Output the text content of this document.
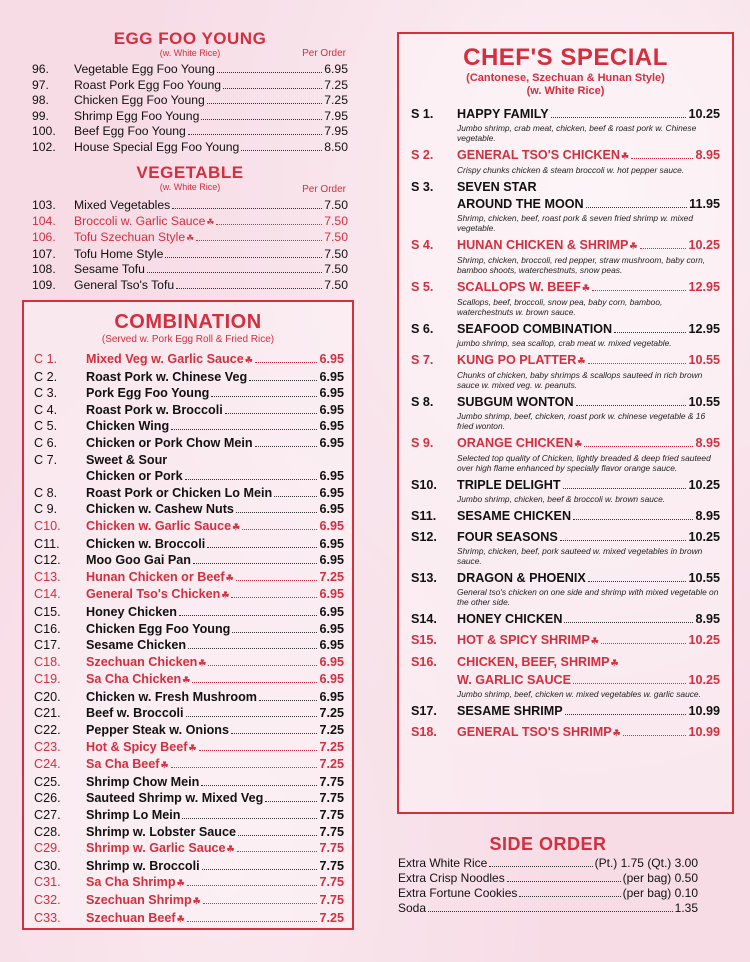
EGG FOO YOUNG
(w. White Rice)	Per Order
96.	Vegetable Egg Foo Young	6.95
97.	Roast Pork Egg Foo Young	7.25
98.	Chicken Egg Foo Young	7.25
99.	Shrimp Egg Foo Young	7.95
100.	Beef Egg Foo Young	7.95
102.	House Special Egg Foo Young	8.50
VEGETABLE
(w. White Rice)	Per Order
103.	Mixed Vegetables	7.50
104.	Broccoli w. Garlic Sauce ☘	7.50
106.	Tofu Szechuan Style ☘	7.50
107.	Tofu Home Style	7.50
108.	Sesame Tofu	7.50
109.	General Tso's Tofu	7.50
COMBINATION
(Served w. Pork Egg Roll & Fried Rice)
C 1.	Mixed Veg w. Garlic Sauce ☘	6.95
C 2.	Roast Pork w. Chinese Veg	6.95
C 3.	Pork Egg Foo Young	6.95
C 4.	Roast Pork w. Broccoli	6.95
C 5.	Chicken Wing	6.95
C 6.	Chicken or Pork Chow Mein	6.95
C 7.	Sweet & Sour
Chicken or Pork	6.95
C 8.	Roast Pork or Chicken Lo Mein	6.95
C 9.	Chicken w. Cashew Nuts	6.95
C10.	Chicken w. Garlic Sauce ☘	6.95
C11.	Chicken w. Broccoli	6.95
C12.	Moo Goo Gai Pan	6.95
C13.	Hunan Chicken or Beef ☘	7.25
C14.	General Tso's Chicken ☘	6.95
C15.	Honey Chicken	6.95
C16.	Chicken Egg Foo Young	6.95
C17.	Sesame Chicken	6.95
C18.	Szechuan Chicken ☘	6.95
C19.	Sa Cha Chicken ☘	6.95
C20.	Chicken w. Fresh Mushroom	6.95
C21.	Beef w. Broccoli	7.25
C22.	Pepper Steak w. Onions	7.25
C23.	Hot & Spicy Beef ☘	7.25
C24.	Sa Cha Beef ☘	7.25
C25.	Shrimp Chow Mein	7.75
C26.	Sauteed Shrimp w. Mixed Veg	7.75
C27.	Shrimp Lo Mein	7.75
C28.	Shrimp w. Lobster Sauce	7.75
C29.	Shrimp w. Garlic Sauce ☘	7.75
C30.	Shrimp w. Broccoli	7.75
C31.	Sa Cha Shrimp ☘	7.75
C32.	Szechuan Shrimp ☘	7.75
C33.	Szechuan Beef ☘	7.25
CHEF'S SPECIAL
(Cantonese, Szechuan & Hunan Style)
(w. White Rice)
S 1.	HAPPY FAMILY	10.25
Jumbo shrimp, crab meat, chicken, beef & roast pork w. Chinese vegetable.
S 2.	GENERAL TSO'S CHICKEN ☘	8.95
Crispy chunks chicken & steam broccoli w. hot pepper sauce.
S 3.	SEVEN STAR
AROUND THE MOON	11.95
Shrimp, chicken, beef, roast pork & seven fried shrimp w. mixed vegetable.
S 4.	HUNAN CHICKEN & SHRIMP ☘	10.25
Shrimp, chicken, broccoli, red pepper, straw mushroom, baby corn, bamboo shoots, waterchestnuts, snow peas.
S 5.	SCALLOPS W. BEEF ☘	12.95
Scallops, beef, broccoli, snow pea, baby corn, bamboo, waterchestnuts w. brown sauce.
S 6.	SEAFOOD COMBINATION	12.95
jumbo shrimp, sea scallop, crab meat w. mixed vegetable.
S 7.	KUNG PO PLATTER ☘	10.55
Chunks of chicken, baby shrimps & scallops sauteed in rich brown sauce w. mixed veg. w. peanuts.
S 8.	SUBGUM WONTON	10.55
Jumbo shrimp, beef, chicken, roast pork w. chinese vegetable & 16 fried wonton.
S 9.	ORANGE CHICKEN ☘	8.95
Selected top quality of Chicken, lightly breaded & deep fried sauteed over high flame enhanced by specially flavor orange sauce.
S10.	TRIPLE DELIGHT	10.25
Jumbo shrimp, chicken, beef & broccoli w. brown sauce.
S11.	SESAME CHICKEN	8.95
S12.	FOUR SEASONS	10.25
Shrimp, chicken, beef, pork sauteed w. mixed vegetables in brown sauce.
S13.	DRAGON & PHOENIX	10.55
General tso's chicken on one side and shrimp with mixed vegetable on the other side.
S14.	HONEY CHICKEN	8.95
S15.	HOT & SPICY SHRIMP ☘	10.25
S16.	CHICKEN, BEEF, SHRIMP ☘
W. GARLIC SAUCE	10.25
Jumbo shrimp, beef, chicken w. mixed vegetables w. garlic sauce.
S17.	SESAME SHRIMP	10.99
S18.	GENERAL TSO'S SHRIMP ☘	10.99
SIDE ORDER
Extra White Rice	(Pt.) 1.75 (Qt.) 3.00
Extra Crisp Noodles	(per bag) 0.50
Extra Fortune Cookies	(per bag) 0.10
Soda	1.35
